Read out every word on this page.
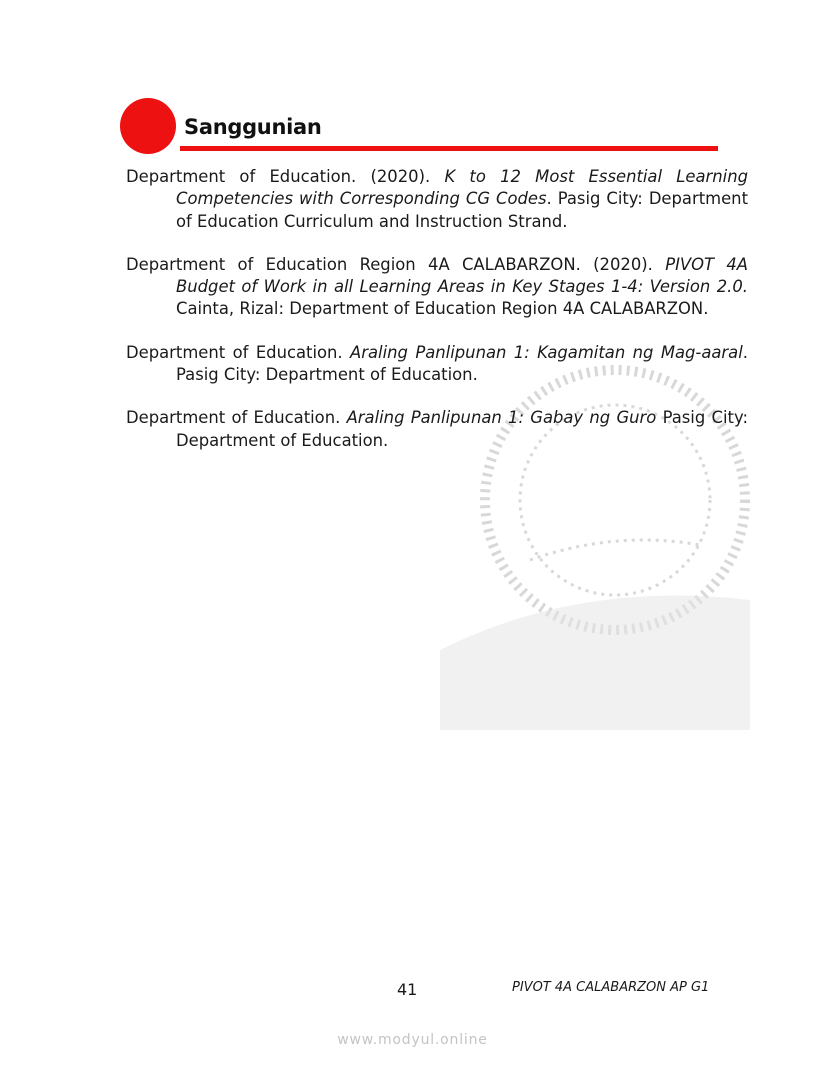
Sanggunian

Department of Education. (2020). K to 12 Most Essential Learning Competencies with Corresponding CG Codes. Pasig City: Department of Education Curriculum and Instruction Strand.

Department of Education Region 4A CALABARZON. (2020). PIVOT 4A Budget of Work in all Learning Areas in Key Stages 1-4: Version 2.0. Cainta, Rizal: Department of Education Region 4A CALABARZON.

Department of Education. Araling Panlipunan 1: Kagamitan ng Mag-aaral. Pasig City: Department of Education.

Department of Education. Araling Panlipunan 1: Gabay ng Guro Pasig City: Department of Education.

41	PIVOT 4A CALABARZON AP G1
www.modyul.online
